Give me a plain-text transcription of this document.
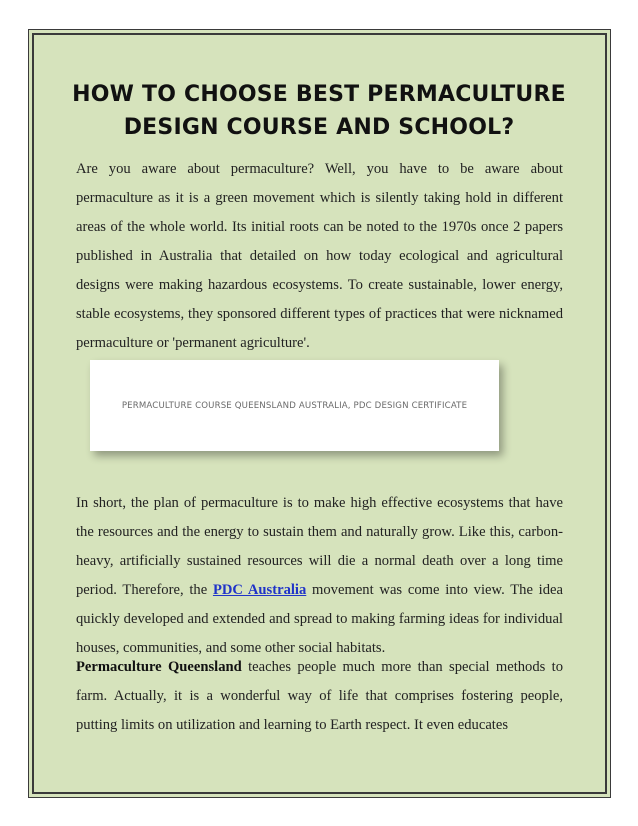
HOW TO CHOOSE BEST PERMACULTURE
DESIGN COURSE AND SCHOOL?

Are you aware about permaculture? Well, you have to be aware about permaculture as it is a green movement which is silently taking hold in different areas of the whole world. Its initial roots can be noted to the 1970s once 2 papers published in Australia that detailed on how today ecological and agricultural designs were making hazardous ecosystems. To create sustainable, lower energy, stable ecosystems, they sponsored different types of practices that were nicknamed permaculture or 'permanent agriculture'.

PERMACULTURE COURSE QUEENSLAND AUSTRALIA, PDC DESIGN CERTIFICATE

In short, the plan of permaculture is to make high effective ecosystems that have the resources and the energy to sustain them and naturally grow. Like this, carbon-heavy, artificially sustained resources will die a normal death over a long time period. Therefore, the PDC Australia movement was come into view. The idea quickly developed and extended and spread to making farming ideas for individual houses, communities, and some other social habitats.

Permaculture Queensland teaches people much more than special methods to farm. Actually, it is a wonderful way of life that comprises fostering people, putting limits on utilization and learning to Earth respect. It even educates
